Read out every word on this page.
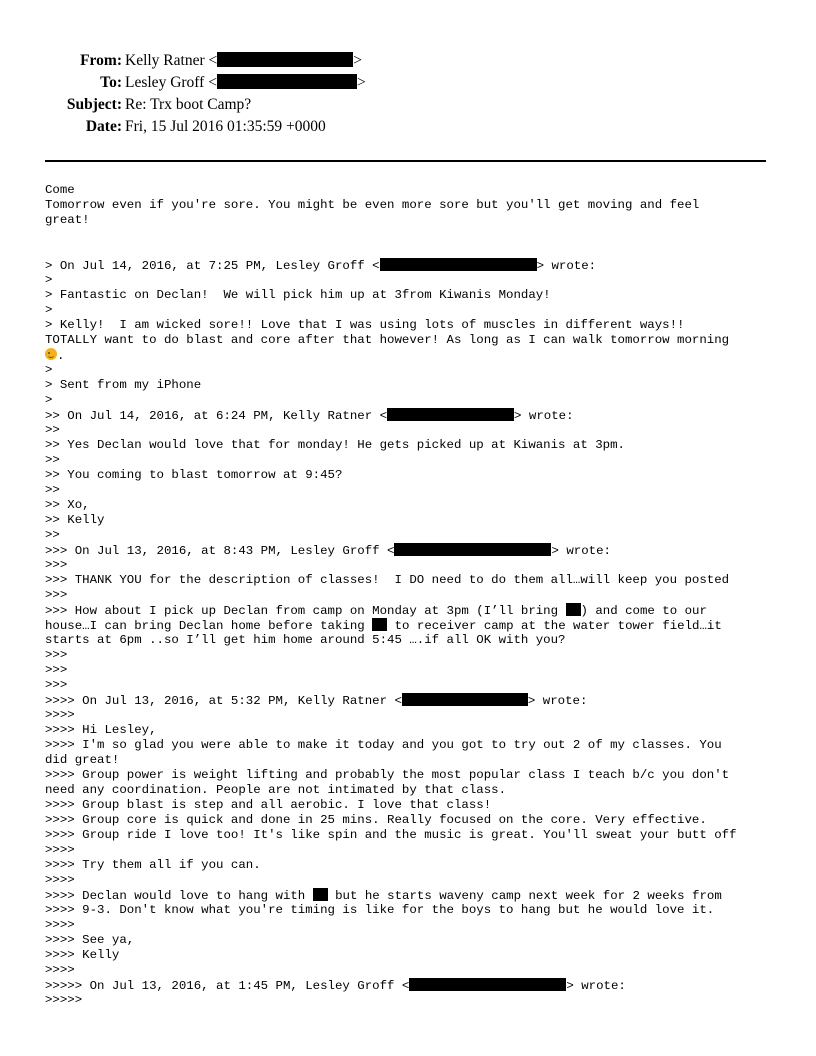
From: Kelly Ratner <	>
To: Lesley Groff <	>
Subject: Re: Trx boot Camp?
Date: Fri, 15 Jul 2016 01:35:59 +0000
Come
Tomorrow even if you're sore. You might be even more sore but you'll get moving and feel
great!
> On Jul 14, 2016, at 7:25 PM, Lesley Groff <	> wrote:
>
> Fantastic on Declan!  We will pick him up at 3from Kiwanis Monday!
>
> Kelly!  I am wicked sore!! Love that I was using lots of muscles in different ways!!
TOTALLY want to do blast and core after that however! As long as I can walk tomorrow morning
.
>
> Sent from my iPhone
>
>> On Jul 14, 2016, at 6:24 PM, Kelly Ratner <	> wrote:
>>
>> Yes Declan would love that for monday! He gets picked up at Kiwanis at 3pm.
>>
>> You coming to blast tomorrow at 9:45?
>>
>> Xo,
>> Kelly
>>
>>> On Jul 13, 2016, at 8:43 PM, Lesley Groff <	> wrote:
>>>
>>> THANK YOU for the description of classes!  I DO need to do them all…will keep you posted
>>>
>>> How about I pick up Declan from camp on Monday at 3pm (I’ll bring ) and come to our
house…I can bring Declan home before taking  to receiver camp at the water tower field…it
starts at 6pm ..so I’ll get him home around 5:45 ….if all OK with you?
>>>
>>>
>>>
>>>> On Jul 13, 2016, at 5:32 PM, Kelly Ratner <	> wrote:
>>>>
>>>> Hi Lesley,
>>>> I'm so glad you were able to make it today and you got to try out 2 of my classes. You
did great!
>>>> Group power is weight lifting and probably the most popular class I teach b/c you don't
need any coordination. People are not intimated by that class.
>>>> Group blast is step and all aerobic. I love that class!
>>>> Group core is quick and done in 25 mins. Really focused on the core. Very effective.
>>>> Group ride I love too! It's like spin and the music is great. You'll sweat your butt off
>>>>
>>>> Try them all if you can.
>>>>
>>>> Declan would love to hang with  but he starts waveny camp next week for 2 weeks from
>>>> 9-3. Don't know what you're timing is like for the boys to hang but he would love it.
>>>>
>>>> See ya,
>>>> Kelly
>>>>
>>>>> On Jul 13, 2016, at 1:45 PM, Lesley Groff <	> wrote:
>>>>>
